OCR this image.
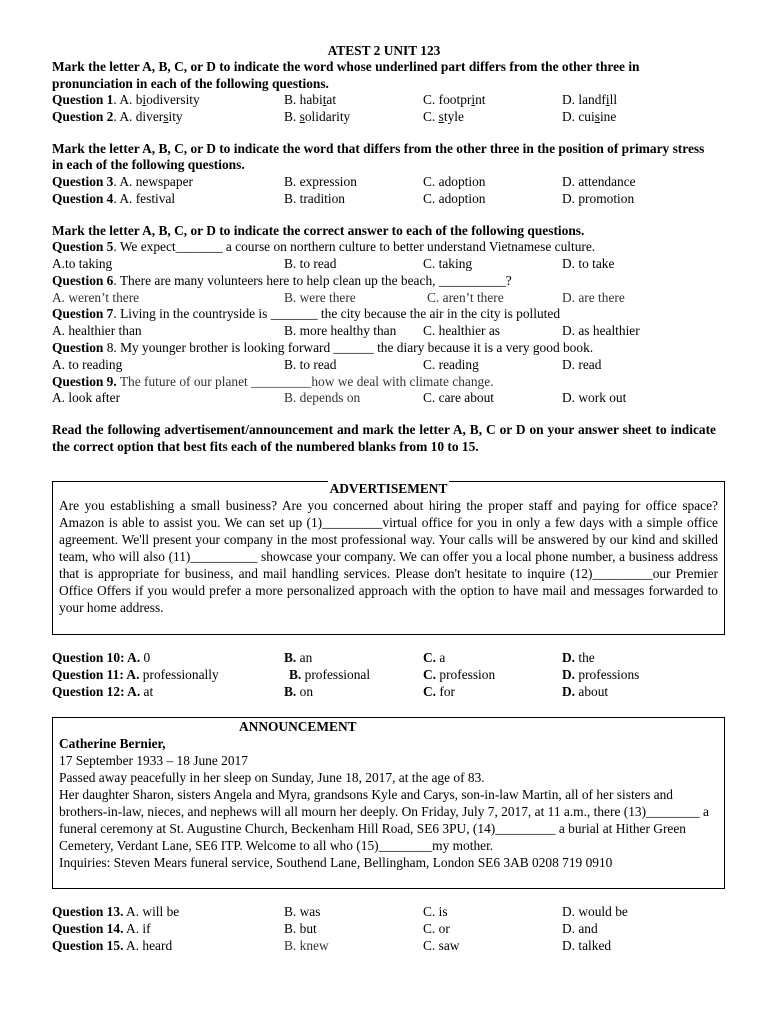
ATEST 2 UNIT 123
Mark the letter A, B, C, or D to indicate the word whose underlined part differs from the other three in pronunciation in each of the following questions.
Question 1. A. biodiversity	B. habitat	C. footprint	D. landfill
Question 2. A. diversity	B. solidarity	C. style	D. cuisine
Mark the letter A, B, C, or D to indicate the word that differs from the other three in the position of primary stress in each of the following questions.
Question 3. A. newspaper	B. expression	C. adoption	D. attendance
Question 4. A. festival	B. tradition	C. adoption	D. promotion
Mark the letter A, B, C, or D to indicate the correct answer to each of the following questions.
Question 5. We expect_______ a course on northern culture to better understand Vietnamese culture.
A.to taking	B. to read	C. taking	D. to take
Question 6. There are many volunteers here to help clean up the beach, __________?
A. weren’t there	B. were there	C. aren’t there	D. are there
Question 7. Living in the countryside is _______ the city because the air in the city is polluted
A. healthier than	B. more healthy than C. healthier as	D. as healthier
Question 8. My younger brother is looking forward ______ the diary because it is a very good book.
A. to reading	B. to read	C. reading	D. read
Question 9. The future of our planet _________how we deal with climate change.
A. look after	B. depends on	C. care about	D. work out
Read the following advertisement/announcement and mark the letter A, B, C or D on your answer sheet to indicate the correct option that best fits each of the numbered blanks from 10 to 15.
ADVERTISEMENT
Are you establishing a small business? Are you concerned about hiring the proper staff and paying for office space? Amazon is able to assist you. We can set up (1)_________virtual office for you in only a few days with a simple office agreement. We'll present your company in the most professional way. Your calls will be answered by our kind and skilled team, who will also (11)__________ showcase your company. We can offer you a local phone number, a business address that is appropriate for business, and mail handling services. Please don't hesitate to inquire (12)_________our Premier Office Offers if you would prefer a more personalized approach with the option to have mail and messages forwarded to your home address.
Question 10: A. 0	B. an	C. a	D. the
Question 11: A. professionally	B. professional	C. profession	D. professions
Question 12: A. at	B. on	C. for	D. about
ANNOUNCEMENT
Catherine Bernier,
17 September 1933 – 18 June 2017
Passed away peacefully in her sleep on Sunday, June 18, 2017, at the age of 83.
Her daughter Sharon, sisters Angela and Myra, grandsons Kyle and Carys, son-in-law Martin, all of her sisters and brothers-in-law, nieces, and nephews will all mourn her deeply. On Friday, July 7, 2017, at 11 a.m., there (13)________ a funeral ceremony at St. Augustine Church, Beckenham Hill Road, SE6 3PU, (14)_________ a burial at Hither Green Cemetery, Verdant Lane, SE6 ITP. Welcome to all who (15)________my mother.
Inquiries: Steven Mears funeral service, Southend Lane, Bellingham, London SE6 3AB 0208 719 0910
Question 13. A. will be	B. was	C. is	D. would be
Question 14. A. if	B. but	C. or	D. and
Question 15. A. heard	B. knew	C. saw	D. talked
